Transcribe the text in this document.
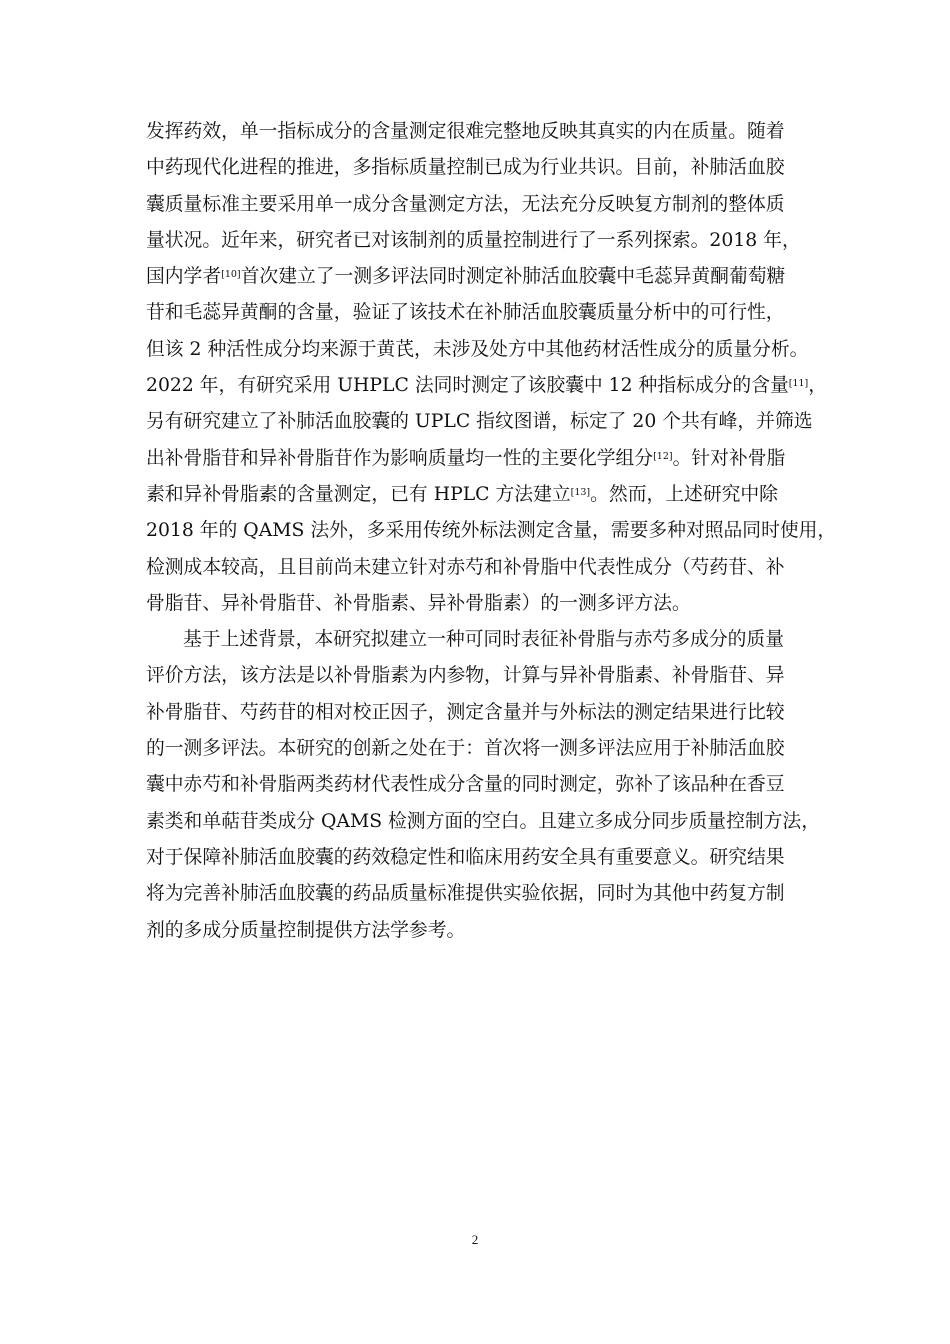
发挥药效，单一指标成分的含量测定很难完整地反映其真实的内在质量。随着
中药现代化进程的推进，多指标质量控制已成为行业共识。目前，补肺活血胶
囊质量标准主要采用单一成分含量测定方法，无法充分反映复方制剂的整体质
量状况。近年来，研究者已对该制剂的质量控制进行了一系列探索。2018 年，
国内学者[10]首次建立了一测多评法同时测定补肺活血胶囊中毛蕊异黄酮葡萄糖
苷和毛蕊异黄酮的含量，验证了该技术在补肺活血胶囊质量分析中的可行性，
但该 2 种活性成分均来源于黄芪，未涉及处方中其他药材活性成分的质量分析。
2022 年，有研究采用 UHPLC 法同时测定了该胶囊中 12 种指标成分的含量[11]，
另有研究建立了补肺活血胶囊的 UPLC 指纹图谱，标定了 20 个共有峰，并筛选
出补骨脂苷和异补骨脂苷作为影响质量均一性的主要化学组分[12]。针对补骨脂
素和异补骨脂素的含量测定，已有 HPLC 方法建立[13]。然而，上述研究中除
2018 年的 QAMS 法外，多采用传统外标法测定含量，需要多种对照品同时使用，
检测成本较高，且目前尚未建立针对赤芍和补骨脂中代表性成分（芍药苷、补
骨脂苷、异补骨脂苷、补骨脂素、异补骨脂素）的一测多评方法。
基于上述背景，本研究拟建立一种可同时表征补骨脂与赤芍多成分的质量
评价方法，该方法是以补骨脂素为内参物，计算与异补骨脂素、补骨脂苷、异
补骨脂苷、芍药苷的相对校正因子，测定含量并与外标法的测定结果进行比较
的一测多评法。本研究的创新之处在于：首次将一测多评法应用于补肺活血胶
囊中赤芍和补骨脂两类药材代表性成分含量的同时测定，弥补了该品种在香豆
素类和单萜苷类成分 QAMS 检测方面的空白。且建立多成分同步质量控制方法，
对于保障补肺活血胶囊的药效稳定性和临床用药安全具有重要意义。研究结果
将为完善补肺活血胶囊的药品质量标准提供实验依据，同时为其他中药复方制
剂的多成分质量控制提供方法学参考。
2
